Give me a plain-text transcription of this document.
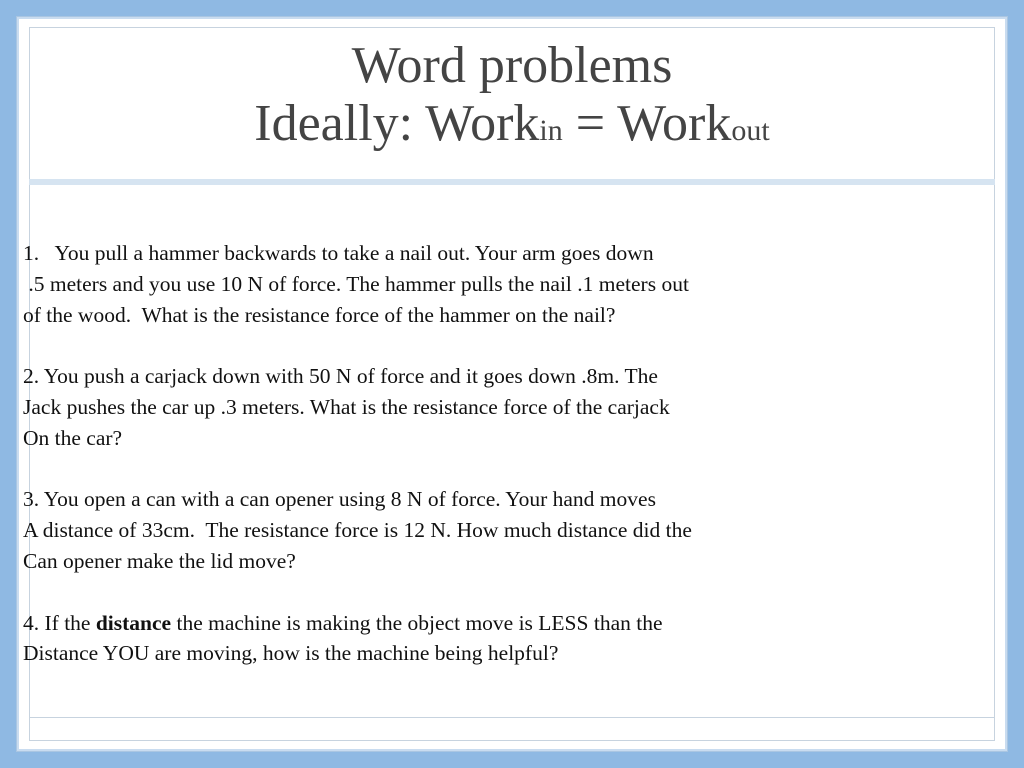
Word problems
Ideally: Workin = Workout
1.   You pull a hammer backwards to take a nail out. Your arm goes down
.5 meters and you use 10 N of force. The hammer pulls the nail .1 meters out
of the wood.  What is the resistance force of the hammer on the nail?
2. You push a carjack down with 50 N of force and it goes down .8m. The
Jack pushes the car up .3 meters. What is the resistance force of the carjack
On the car?
3. You open a can with a can opener using 8 N of force. Your hand moves
A distance of 33cm.  The resistance force is 12 N. How much distance did the
Can opener make the lid move?
4. If the distance the machine is making the object move is LESS than the
Distance YOU are moving, how is the machine being helpful?
